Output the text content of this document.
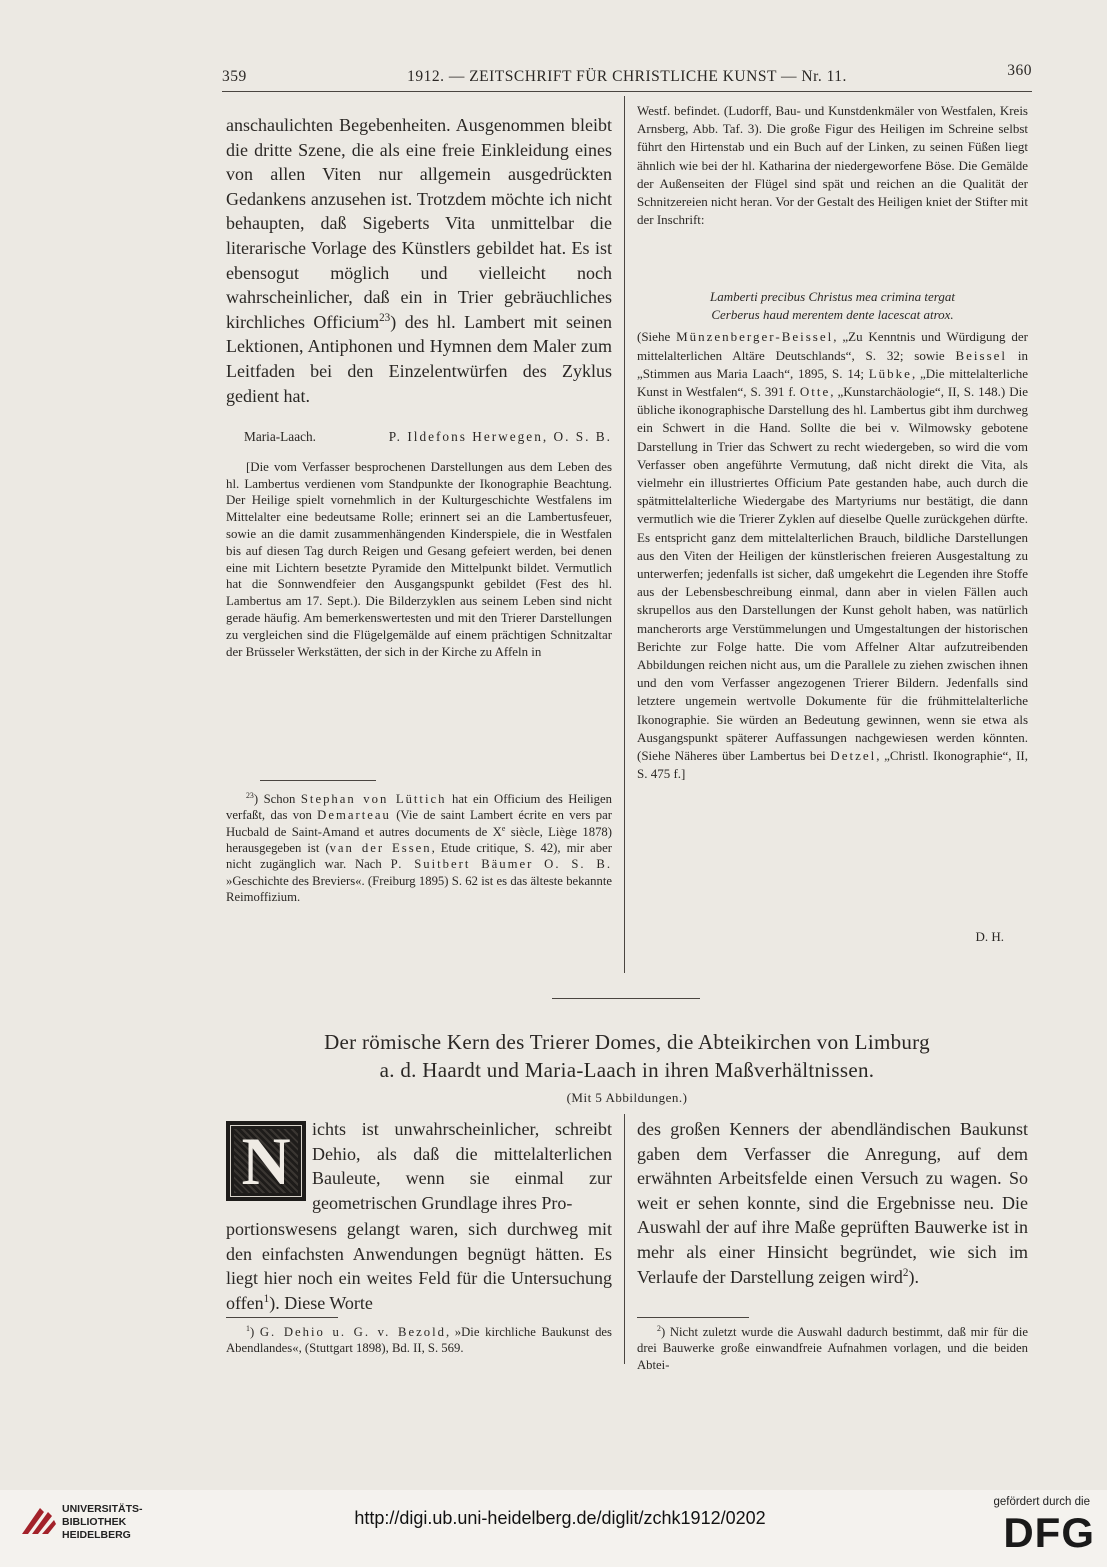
359	1912. — ZEITSCHRIFT FÜR CHRISTLICHE KUNST — Nr. 11.	360

anschaulichten Begebenheiten. Ausgenommen bleibt die dritte Szene, die als eine freie Einkleidung eines von allen Viten nur allgemein ausgedrückten Gedankens anzusehen ist. Trotzdem möchte ich nicht behaupten, daß Sigeberts Vita unmittelbar die literarische Vorlage des Künstlers gebildet hat. Es ist ebensogut möglich und vielleicht noch wahrscheinlicher, daß ein in Trier gebräuchliches kirchliches Officium$^{23}$) des hl. Lambert mit seinen Lektionen, Antiphonen und Hymnen dem Maler zum Leitfaden bei den Einzelentwürfen des Zyklus gedient hat.

Maria-Laach.	P. Ildefons Herwegen, O. S. B.

[Die vom Verfasser besprochenen Darstellungen aus dem Leben des hl. Lambertus verdienen vom Standpunkte der Ikonographie Beachtung. Der Heilige spielt vornehmlich in der Kulturgeschichte Westfalens im Mittelalter eine bedeutsame Rolle; erinnert sei an die Lambertusfeuer, sowie an die damit zusammenhängenden Kinderspiele, die in Westfalen bis auf diesen Tag durch Reigen und Gesang gefeiert werden, bei denen eine mit Lichtern besetzte Pyramide den Mittelpunkt bildet. Vermutlich hat die Sonnwendfeier den Ausgangspunkt gebildet (Fest des hl. Lambertus am 17. Sept.). Die Bilderzyklen aus seinem Leben sind nicht gerade häufig. Am bemerkenswertesten und mit den Trierer Darstellungen zu vergleichen sind die Flügelgemälde auf einem prächtigen Schnitzaltar der Brüsseler Werkstätten, der sich in der Kirche zu Affeln in

$^{23}$) Schon Stephan von Lüttich hat ein Officium des Heiligen verfaßt, das von Demarteau (Vie de saint Lambert écrite en vers par Hucbald de Saint-Amand et autres documents de Xe siècle, Liège 1878) herausgegeben ist (van der Essen, Etude critique, S. 42), mir aber nicht zugänglich war. Nach P. Suitbert Bäumer O. S. B. »Geschichte des Breviers«. (Freiburg 1895) S. 62 ist es das älteste bekannte Reimoffizium.

Westf. befindet. (Ludorff, Bau- und Kunstdenkmäler von Westfalen, Kreis Arnsberg, Abb. Taf. 3). Die große Figur des Heiligen im Schreine selbst führt den Hirtenstab und ein Buch auf der Linken, zu seinen Füßen liegt ähnlich wie bei der hl. Katharina der niedergeworfene Böse. Die Gemälde der Außenseiten der Flügel sind spät und reichen an die Qualität der Schnitzereien nicht heran. Vor der Gestalt des Heiligen kniet der Stifter mit der Inschrift:

Lamberti precibus Christus mea crimina tergat
Cerberus haud merentem dente lacescat atrox.

(Siehe Münzenberger-Beissel, „Zu Kenntnis und Würdigung der mittelalterlichen Altäre Deutschlands“, S. 32; sowie Beissel in „Stimmen aus Maria Laach“, 1895, S. 14; Lübke, „Die mittelalterliche Kunst in Westfalen“, S. 391 f. Otte, „Kunstarchäologie“, II, S. 148.) Die übliche ikonographische Darstellung des hl. Lambertus gibt ihm durchweg ein Schwert in die Hand. Sollte die bei v. Wilmowsky gebotene Darstellung in Trier das Schwert zu recht wiedergeben, so wird die vom Verfasser oben angeführte Vermutung, daß nicht direkt die Vita, als vielmehr ein illustriertes Officium Pate gestanden habe, auch durch die spätmittelalterliche Wiedergabe des Martyriums nur bestätigt, die dann vermutlich wie die Trierer Zyklen auf dieselbe Quelle zurückgehen dürfte. Es entspricht ganz dem mittelalterlichen Brauch, bildliche Darstellungen aus den Viten der Heiligen der künstlerischen freieren Ausgestaltung zu unterwerfen; jedenfalls ist sicher, daß umgekehrt die Legenden ihre Stoffe aus der Lebensbeschreibung einmal, dann aber in vielen Fällen auch skrupellos aus den Darstellungen der Kunst geholt haben, was natürlich mancherorts arge Verstümmelungen und Umgestaltungen der historischen Berichte zur Folge hatte. Die vom Affelner Altar aufzutreibenden Abbildungen reichen nicht aus, um die Parallele zu ziehen zwischen ihnen und den vom Verfasser angezogenen Trierer Bildern. Jedenfalls sind letztere ungemein wertvolle Dokumente für die frühmittelalterliche Ikonographie. Sie würden an Bedeutung gewinnen, wenn sie etwa als Ausgangspunkt späterer Auffassungen nachgewiesen werden könnten. (Siehe Näheres über Lambertus bei Detzel, „Christl. Ikonographie“, II, S. 475 f.]

D. H.
Der römische Kern des Trierer Domes, die Abteikirchen von Limburg
a. d. Haardt und Maria-Laach in ihren Maßverhältnissen.
(Mit 5 Abbildungen.)
N	ichts ist unwahrscheinlicher, schreibt Dehio, als daß die mittelalterlichen Bauleute, wenn sie einmal zur geometrischen Grundlage ihres Pro-

portionswesens gelangt waren, sich durchweg mit den einfachsten Anwendungen begnügt hätten. Es liegt hier noch ein weites Feld für die Untersuchung offen$^1$). Diese Worte

$^1$) G. Dehio u. G. v. Bezold, »Die kirchliche Baukunst des Abendlandes«, (Stuttgart 1898), Bd. II, S. 569.

des großen Kenners der abendländischen Baukunst gaben dem Verfasser die Anregung, auf dem erwähnten Arbeitsfelde einen Versuch zu wagen. So weit er sehen konnte, sind die Ergebnisse neu. Die Auswahl der auf ihre Maße geprüften Bauwerke ist in mehr als einer Hinsicht begründet, wie sich im Verlaufe der Darstellung zeigen wird$^2$).

$^2$) Nicht zuletzt wurde die Auswahl dadurch bestimmt, daß mir für die drei Bauwerke große einwandfreie Aufnahmen vorlagen, und die beiden Abtei-

UNIVERSITÄTS-
BIBLIOTHEK
HEIDELBERG
http://digi.ub.uni-heidelberg.de/diglit/zchk1912/0202
gefördert durch die
DFG
